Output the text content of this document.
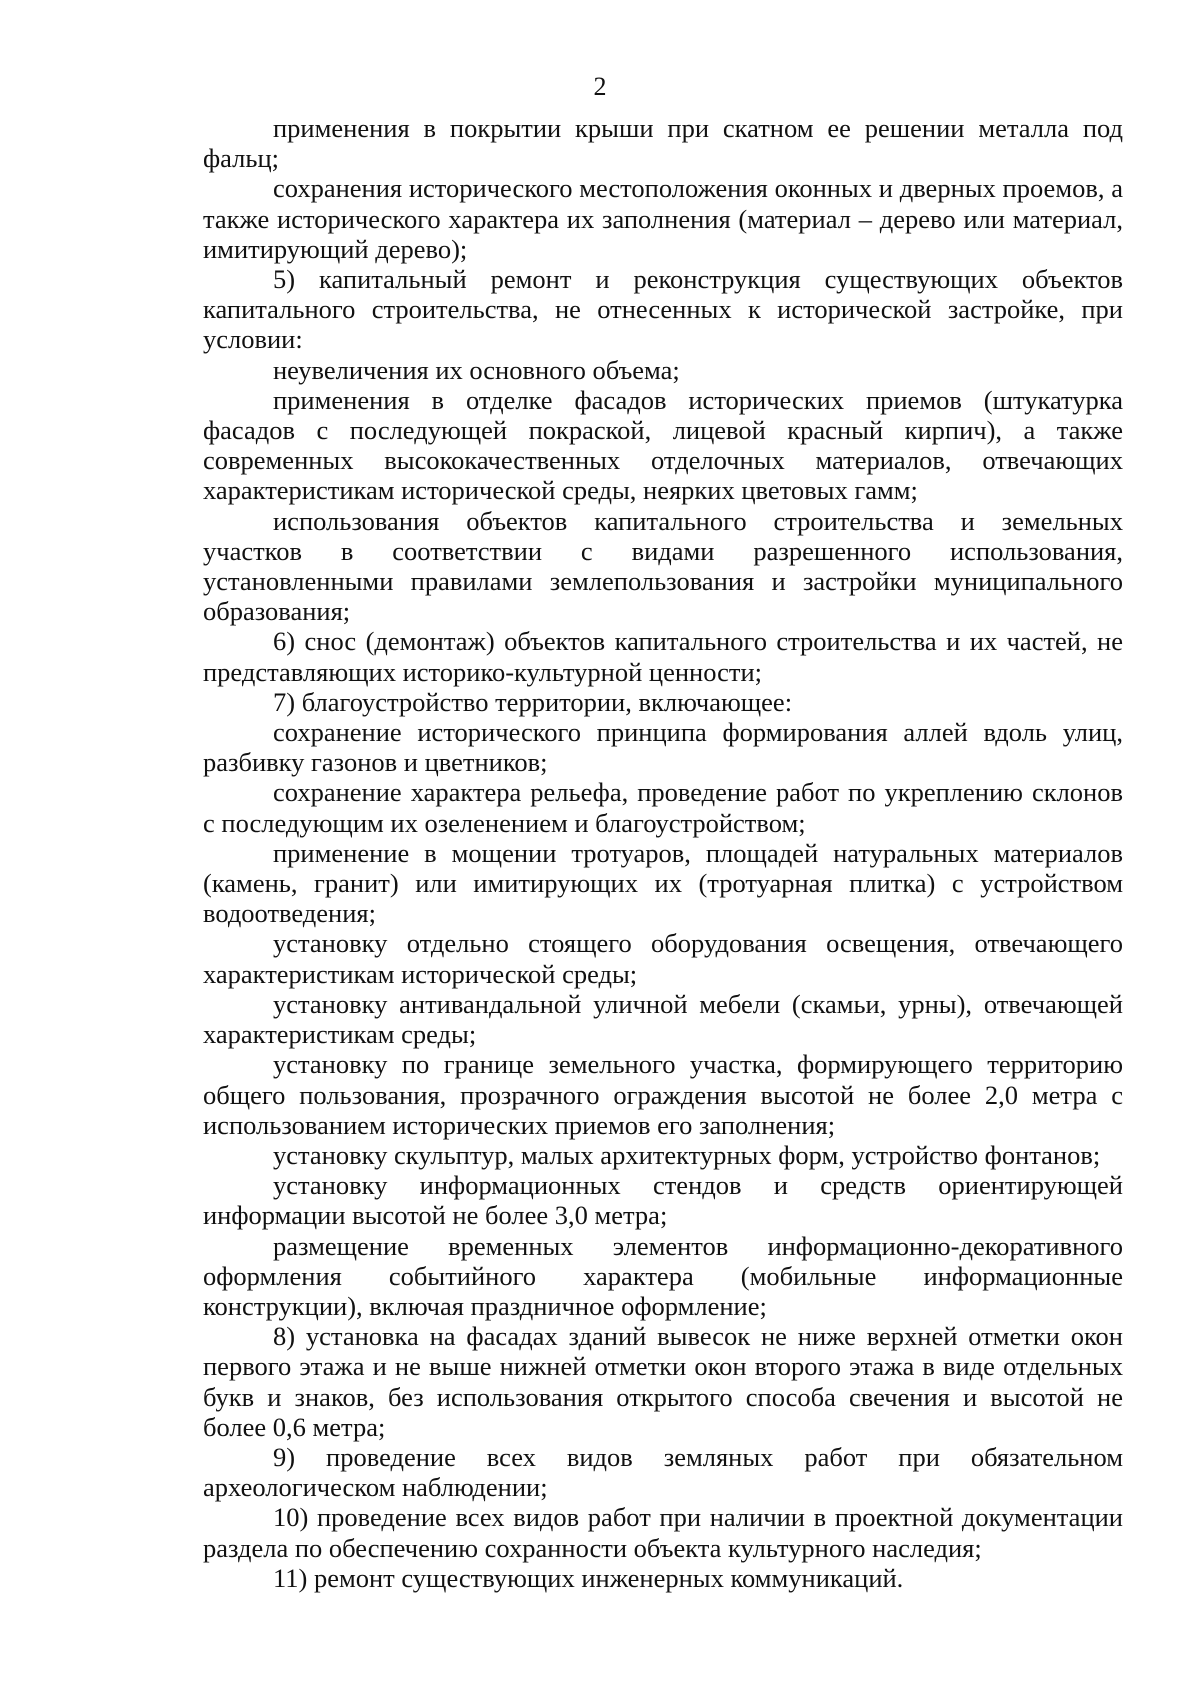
2

применения в покрытии крыши при скатном ее решении металла под фальц;

сохранения исторического местоположения оконных и дверных проемов, а также исторического характера их заполнения (материал – дерево или материал, имитирующий дерево);

5) капитальный ремонт и реконструкция существующих объектов капитального строительства, не отнесенных к исторической застройке, при условии:

неувеличения их основного объема;

применения в отделке фасадов исторических приемов (штукатурка фасадов с последующей покраской, лицевой красный кирпич), а также современных высококачественных отделочных материалов, отвечающих характеристикам исторической среды, неярких цветовых гамм;

использования объектов капитального строительства и земельных участков в соответствии с видами разрешенного использования, установленными правилами землепользования и застройки муниципального образования;

6) снос (демонтаж) объектов капитального строительства и их частей, не представляющих историко-культурной ценности;

7) благоустройство территории, включающее:

сохранение исторического принципа формирования аллей вдоль улиц, разбивку газонов и цветников;

сохранение характера рельефа, проведение работ по укреплению склонов с последующим их озеленением и благоустройством;

применение в мощении тротуаров, площадей натуральных материалов (камень, гранит) или имитирующих их (тротуарная плитка) с устройством водоотведения;

установку отдельно стоящего оборудования освещения, отвечающего характеристикам исторической среды;

установку антивандальной уличной мебели (скамьи, урны), отвечающей характеристикам среды;

установку по границе земельного участка, формирующего территорию общего пользования, прозрачного ограждения высотой не более 2,0 метра с использованием исторических приемов его заполнения;

установку скульптур, малых архитектурных форм, устройство фонтанов;

установку информационных стендов и средств ориентирующей информации высотой не более 3,0 метра;

размещение временных элементов информационно-декоративного оформления событийного характера (мобильные информационные конструкции), включая праздничное оформление;

8) установка на фасадах зданий вывесок не ниже верхней отметки окон первого этажа и не выше нижней отметки окон второго этажа в виде отдельных букв и знаков, без использования открытого способа свечения и высотой не более 0,6 метра;

9) проведение всех видов земляных работ при обязательном археологическом наблюдении;

10) проведение всех видов работ при наличии в проектной документации раздела по обеспечению сохранности объекта культурного наследия;

11) ремонт существующих инженерных коммуникаций.
